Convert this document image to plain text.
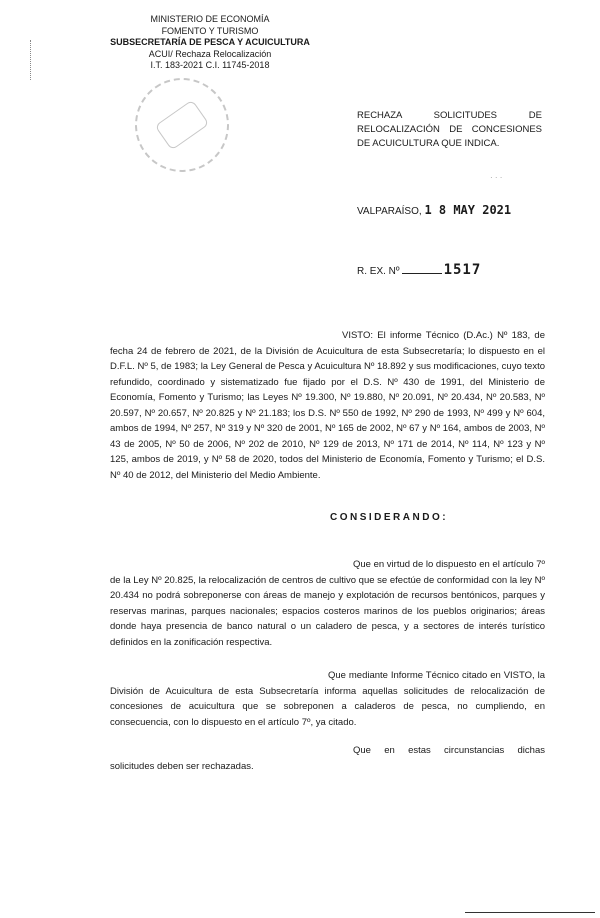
MINISTERIO DE ECONOMÍA
FOMENTO Y TURISMO
SUBSECRETARÍA DE PESCA Y ACUICULTURA
ACUI/ Rechaza Relocalización
I.T. 183-2021 C.I. 11745-2018
RECHAZA SOLICITUDES DE RELOCALIZACIÓN DE CONCESIONES DE ACUICULTURA QUE INDICA.
· · ·
VALPARAÍSO, 1 8 MAY 2021
R. EX. Nº	1517

VISTO: El informe Técnico (D.Ac.) Nº 183, de fecha 24 de febrero de 2021, de la División de Acuicultura de esta Subsecretaría; lo dispuesto en el D.F.L. Nº 5, de 1983; la Ley General de Pesca y Acuicultura Nº 18.892 y sus modificaciones, cuyo texto refundido, coordinado y sistematizado fue fijado por el D.S. Nº 430 de 1991, del Ministerio de Economía, Fomento y Turismo; las Leyes Nº 19.300, Nº 19.880, Nº 20.091, Nº 20.434, Nº 20.583, Nº 20.597, Nº 20.657, Nº 20.825 y Nº 21.183; los D.S. Nº 550 de 1992, Nº 290 de 1993, Nº 499 y Nº 604, ambos de 1994, Nº 257, Nº 319 y Nº 320 de 2001, Nº 165 de 2002, Nº 67 y Nº 164, ambos de 2003, Nº 43 de 2005, Nº 50 de 2006, Nº 202 de 2010, Nº 129 de 2013, Nº 171 de 2014, Nº 114, Nº 123 y Nº 125, ambos de 2019, y Nº 58 de 2020, todos del Ministerio de Economía, Fomento y Turismo; el D.S. Nº 40 de 2012, del Ministerio del Medio Ambiente.

CONSIDERANDO:

Que en virtud de lo dispuesto en el artículo 7º de la Ley Nº 20.825, la relocalización de centros de cultivo que se efectúe de conformidad con la ley Nº 20.434 no podrá sobreponerse con áreas de manejo y explotación de recursos bentónicos, parques y reservas marinas, parques nacionales; espacios costeros marinos de los pueblos originarios; áreas donde haya presencia de banco natural o un caladero de pesca, y a sectores de interés turístico definidos en la zonificación respectiva.

Que mediante Informe Técnico citado en VISTO, la División de Acuicultura de esta Subsecretaría informa aquellas solicitudes de relocalización de concesiones de acuicultura que se sobreponen a caladeros de pesca, no cumpliendo, en consecuencia, con lo dispuesto en el artículo 7º, ya citado.

Que en estas circunstancias dichas solicitudes deben ser rechazadas.
